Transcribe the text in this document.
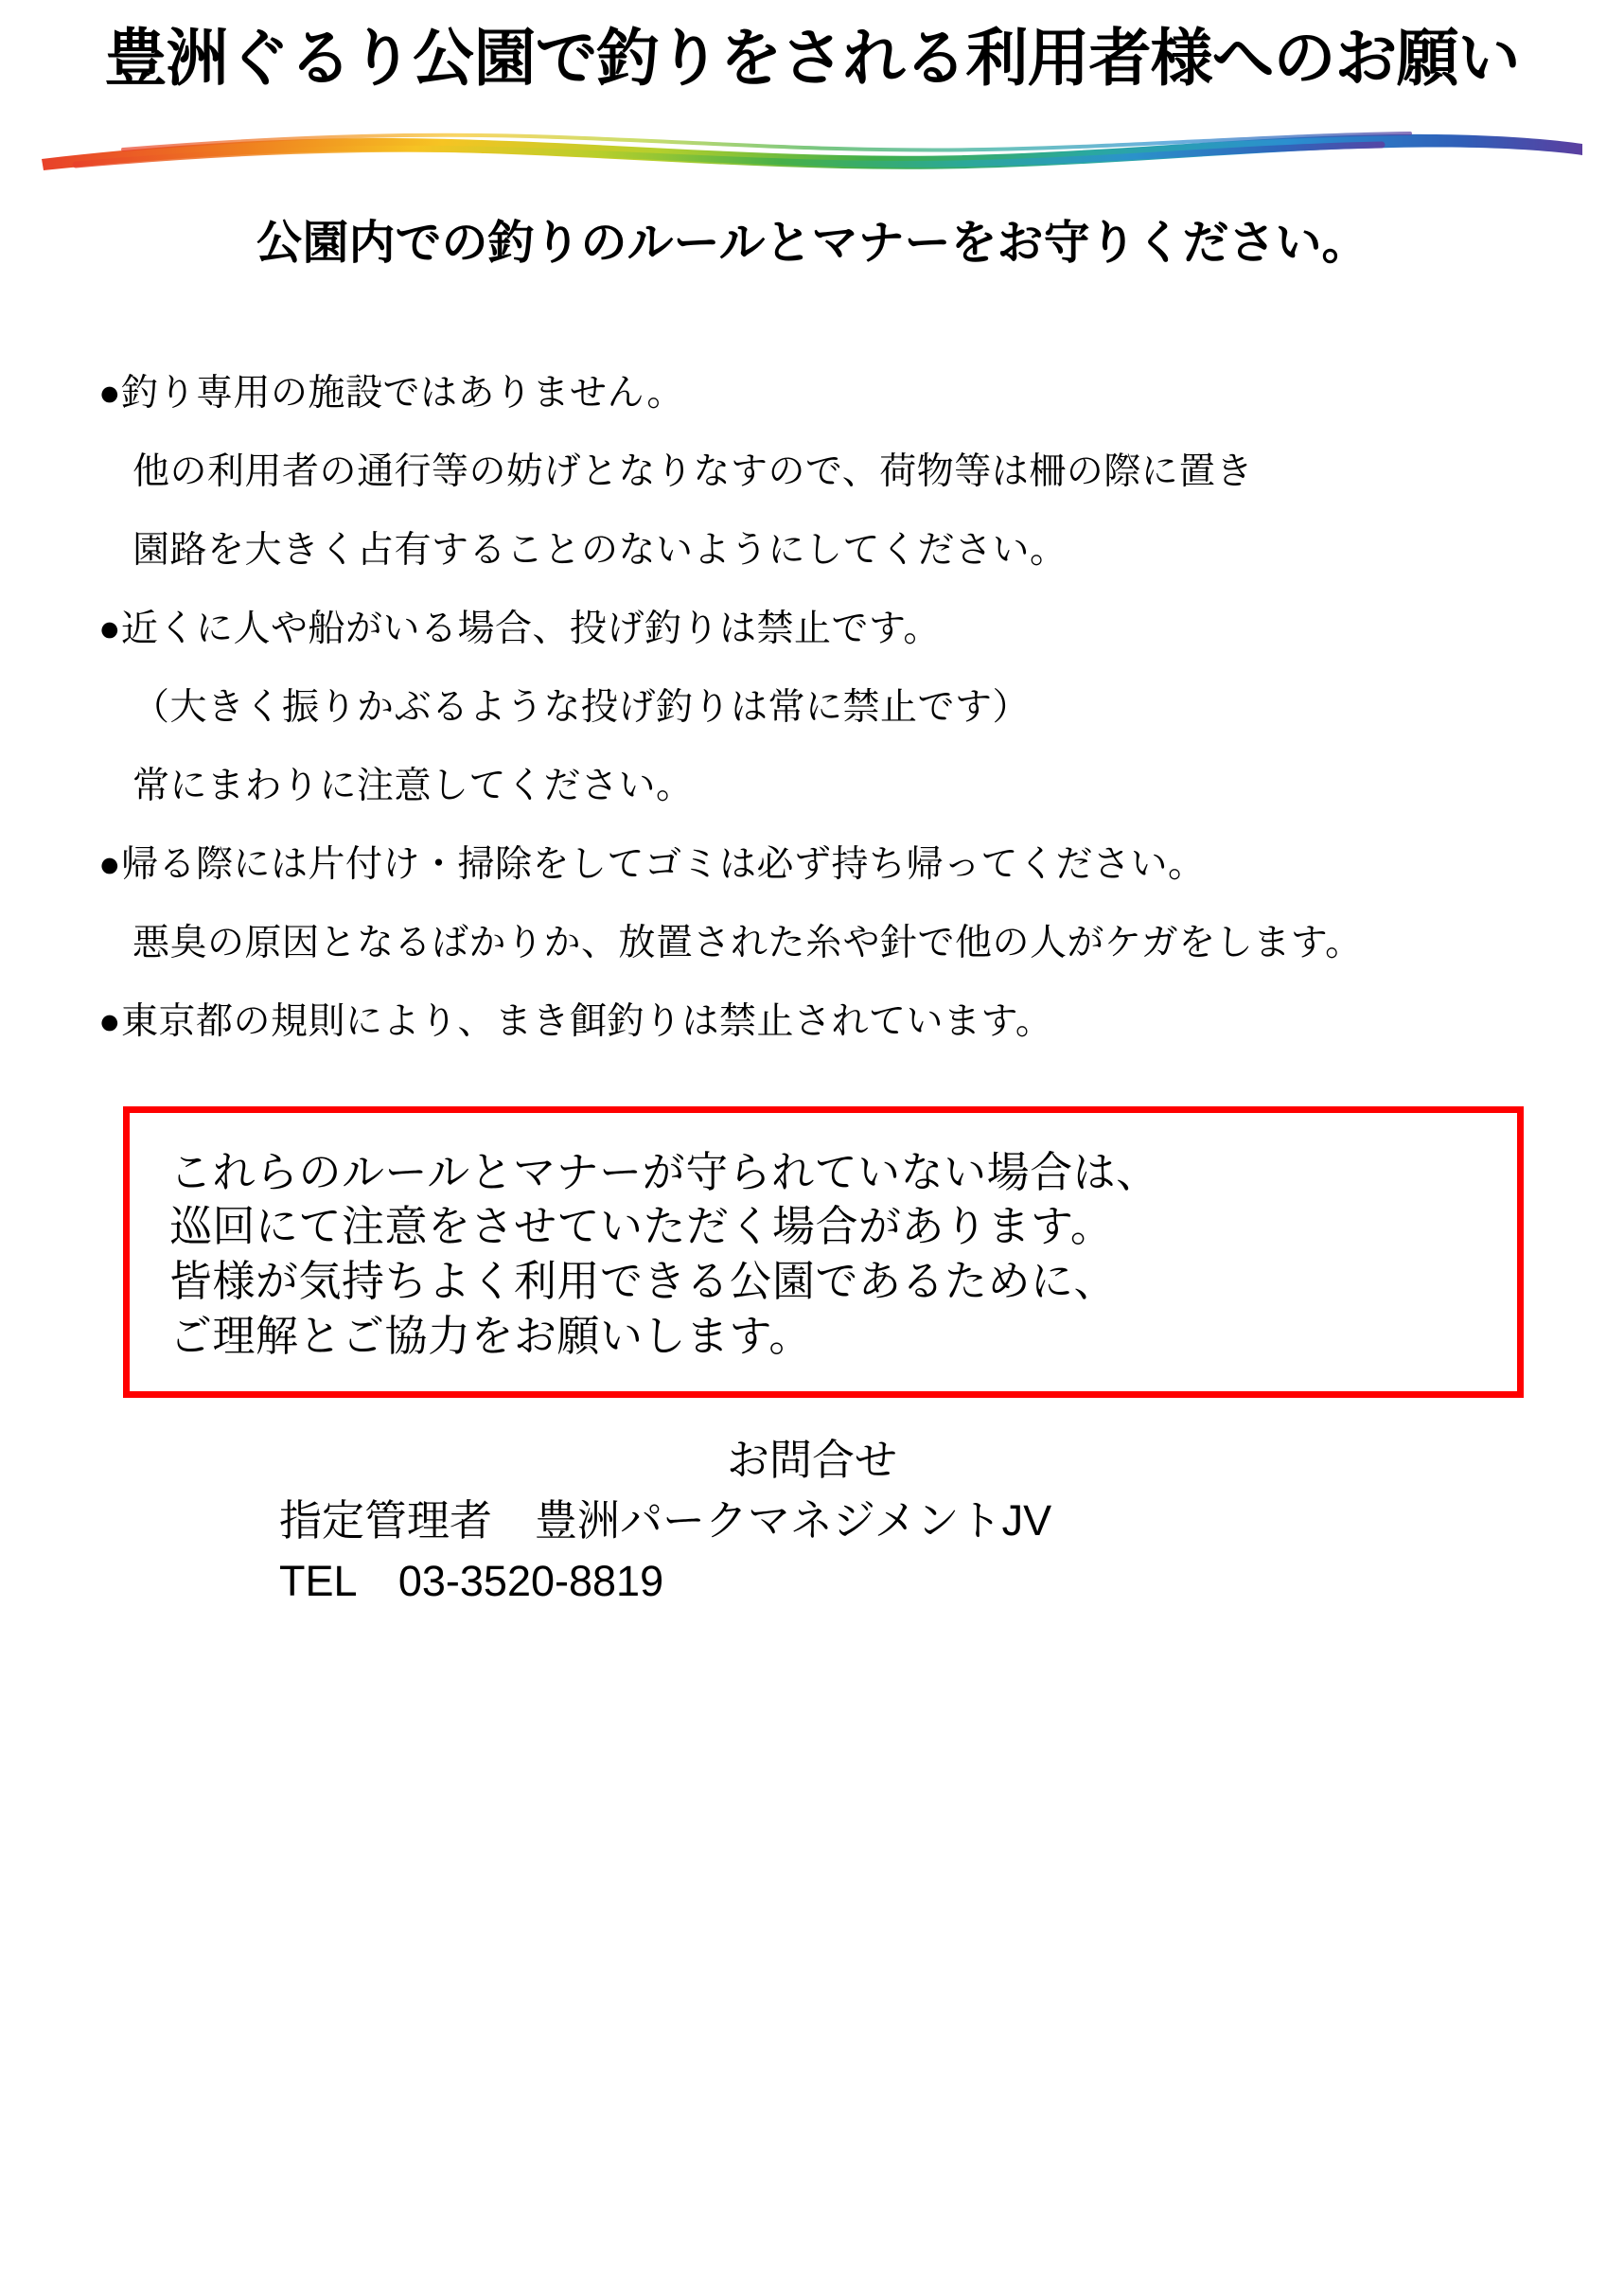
豊洲ぐるり公園で釣りをされる利用者様へのお願い
公園内での釣りのルールとマナーをお守りください。
●釣り専用の施設ではありません。
他の利用者の通行等の妨げとなりなすので、荷物等は柵の際に置き
園路を大きく占有することのないようにしてください。
●近くに人や船がいる場合、投げ釣りは禁止です。
（大きく振りかぶるような投げ釣りは常に禁止です）
常にまわりに注意してください。
●帰る際には片付け・掃除をしてゴミは必ず持ち帰ってください。
悪臭の原因となるばかりか、放置された糸や針で他の人がケガをします。
●東京都の規則により、まき餌釣りは禁止されています。
これらのルールとマナーが守られていない場合は、
巡回にて注意をさせていただく場合があります。
皆様が気持ちよく利用できる公園であるために、
ご理解とご協力をお願いします。
お問合せ
指定管理者　豊洲パークマネジメントJV
TEL　03-3520-8819
